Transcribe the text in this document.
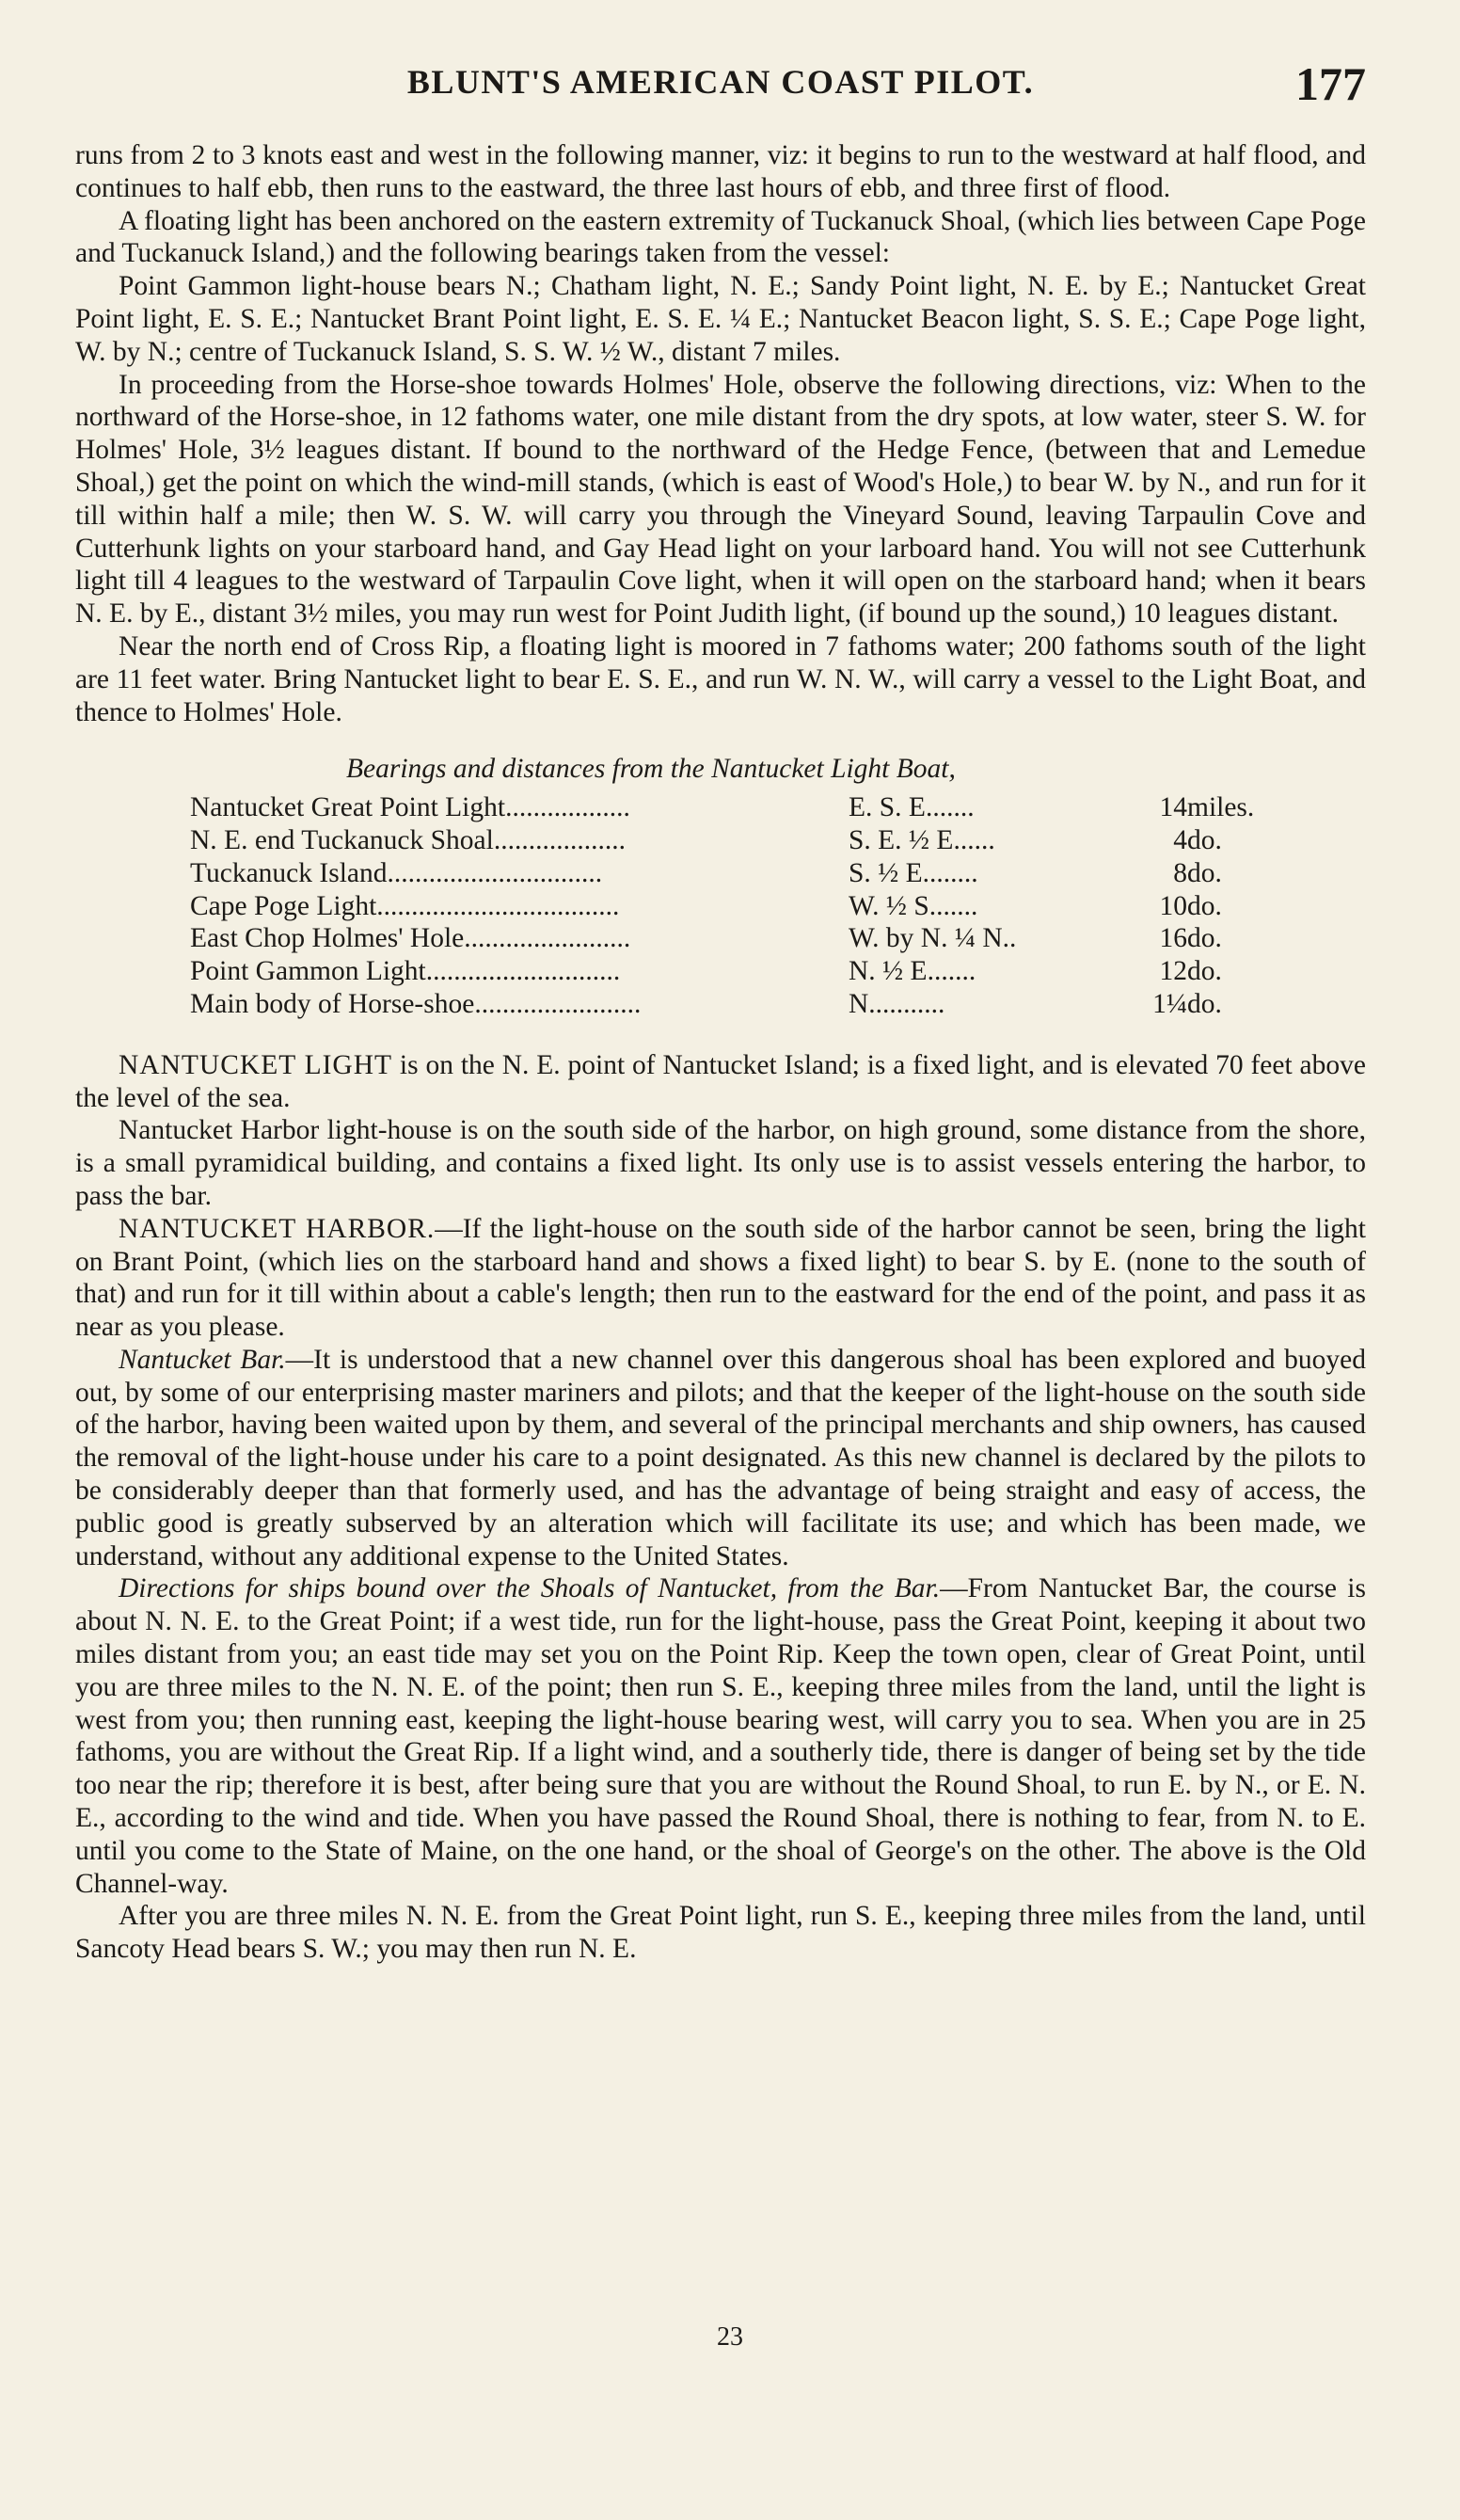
BLUNT'S AMERICAN COAST PILOT.	177

runs from 2 to 3 knots east and west in the following manner, viz: it begins to run to the westward at half flood, and continues to half ebb, then runs to the eastward, the three last hours of ebb, and three first of flood.

A floating light has been anchored on the eastern extremity of Tuckanuck Shoal, (which lies between Cape Poge and Tuckanuck Island,) and the following bearings taken from the vessel:

Point Gammon light-house bears N.; Chatham light, N. E.; Sandy Point light, N. E. by E.; Nantucket Great Point light, E. S. E.; Nantucket Brant Point light, E. S. E. ¼ E.; Nantucket Beacon light, S. S. E.; Cape Poge light, W. by N.; centre of Tuckanuck Island, S. S. W. ½ W., distant 7 miles.

In proceeding from the Horse-shoe towards Holmes' Hole, observe the following directions, viz: When to the northward of the Horse-shoe, in 12 fathoms water, one mile distant from the dry spots, at low water, steer S. W. for Holmes' Hole, 3½ leagues distant. If bound to the northward of the Hedge Fence, (between that and Lemedue Shoal,) get the point on which the wind-mill stands, (which is east of Wood's Hole,) to bear W. by N., and run for it till within half a mile; then W. S. W. will carry you through the Vineyard Sound, leaving Tarpaulin Cove and Cutterhunk lights on your starboard hand, and Gay Head light on your larboard hand. You will not see Cutterhunk light till 4 leagues to the westward of Tarpaulin Cove light, when it will open on the starboard hand; when it bears N. E. by E., distant 3½ miles, you may run west for Point Judith light, (if bound up the sound,) 10 leagues distant.

Near the north end of Cross Rip, a floating light is moored in 7 fathoms water; 200 fathoms south of the light are 11 feet water. Bring Nantucket light to bear E. S. E., and run W. N. W., will carry a vessel to the Light Boat, and thence to Holmes' Hole.

Bearings and distances from the Nantucket Light Boat,
Nantucket Great Point Light..................	E. S. E.......	14	miles.
N. E. end Tuckanuck Shoal...................	S. E. ½ E......	4	do.
Tuckanuck Island...............................	S. ½ E........	8	do.
Cape Poge Light...................................	W. ½ S.......	10	do.
East Chop Holmes' Hole........................	W. by N. ¼ N..	16	do.
Point Gammon Light............................	N. ½ E.......	12	do.
Main body of Horse-shoe........................	N...........	1¼	do.

NANTUCKET LIGHT is on the N. E. point of Nantucket Island; is a fixed light, and is elevated 70 feet above the level of the sea.

Nantucket Harbor light-house is on the south side of the harbor, on high ground, some distance from the shore, is a small pyramidical building, and contains a fixed light. Its only use is to assist vessels entering the harbor, to pass the bar.

NANTUCKET HARBOR.—If the light-house on the south side of the harbor cannot be seen, bring the light on Brant Point, (which lies on the starboard hand and shows a fixed light) to bear S. by E. (none to the south of that) and run for it till within about a cable's length; then run to the eastward for the end of the point, and pass it as near as you please.

Nantucket Bar.—It is understood that a new channel over this dangerous shoal has been explored and buoyed out, by some of our enterprising master mariners and pilots; and that the keeper of the light-house on the south side of the harbor, having been waited upon by them, and several of the principal merchants and ship owners, has caused the removal of the light-house under his care to a point designated. As this new channel is declared by the pilots to be considerably deeper than that formerly used, and has the advantage of being straight and easy of access, the public good is greatly subserved by an alteration which will facilitate its use; and which has been made, we understand, without any additional expense to the United States.

Directions for ships bound over the Shoals of Nantucket, from the Bar.—From Nantucket Bar, the course is about N. N. E. to the Great Point; if a west tide, run for the light-house, pass the Great Point, keeping it about two miles distant from you; an east tide may set you on the Point Rip. Keep the town open, clear of Great Point, until you are three miles to the N. N. E. of the point; then run S. E., keeping three miles from the land, until the light is west from you; then running east, keeping the light-house bearing west, will carry you to sea. When you are in 25 fathoms, you are without the Great Rip. If a light wind, and a southerly tide, there is danger of being set by the tide too near the rip; therefore it is best, after being sure that you are without the Round Shoal, to run E. by N., or E. N. E., according to the wind and tide. When you have passed the Round Shoal, there is nothing to fear, from N. to E. until you come to the State of Maine, on the one hand, or the shoal of George's on the other. The above is the Old Channel-way.

After you are three miles N. N. E. from the Great Point light, run S. E., keeping three miles from the land, until Sancoty Head bears S. W.; you may then run N. E.

23
